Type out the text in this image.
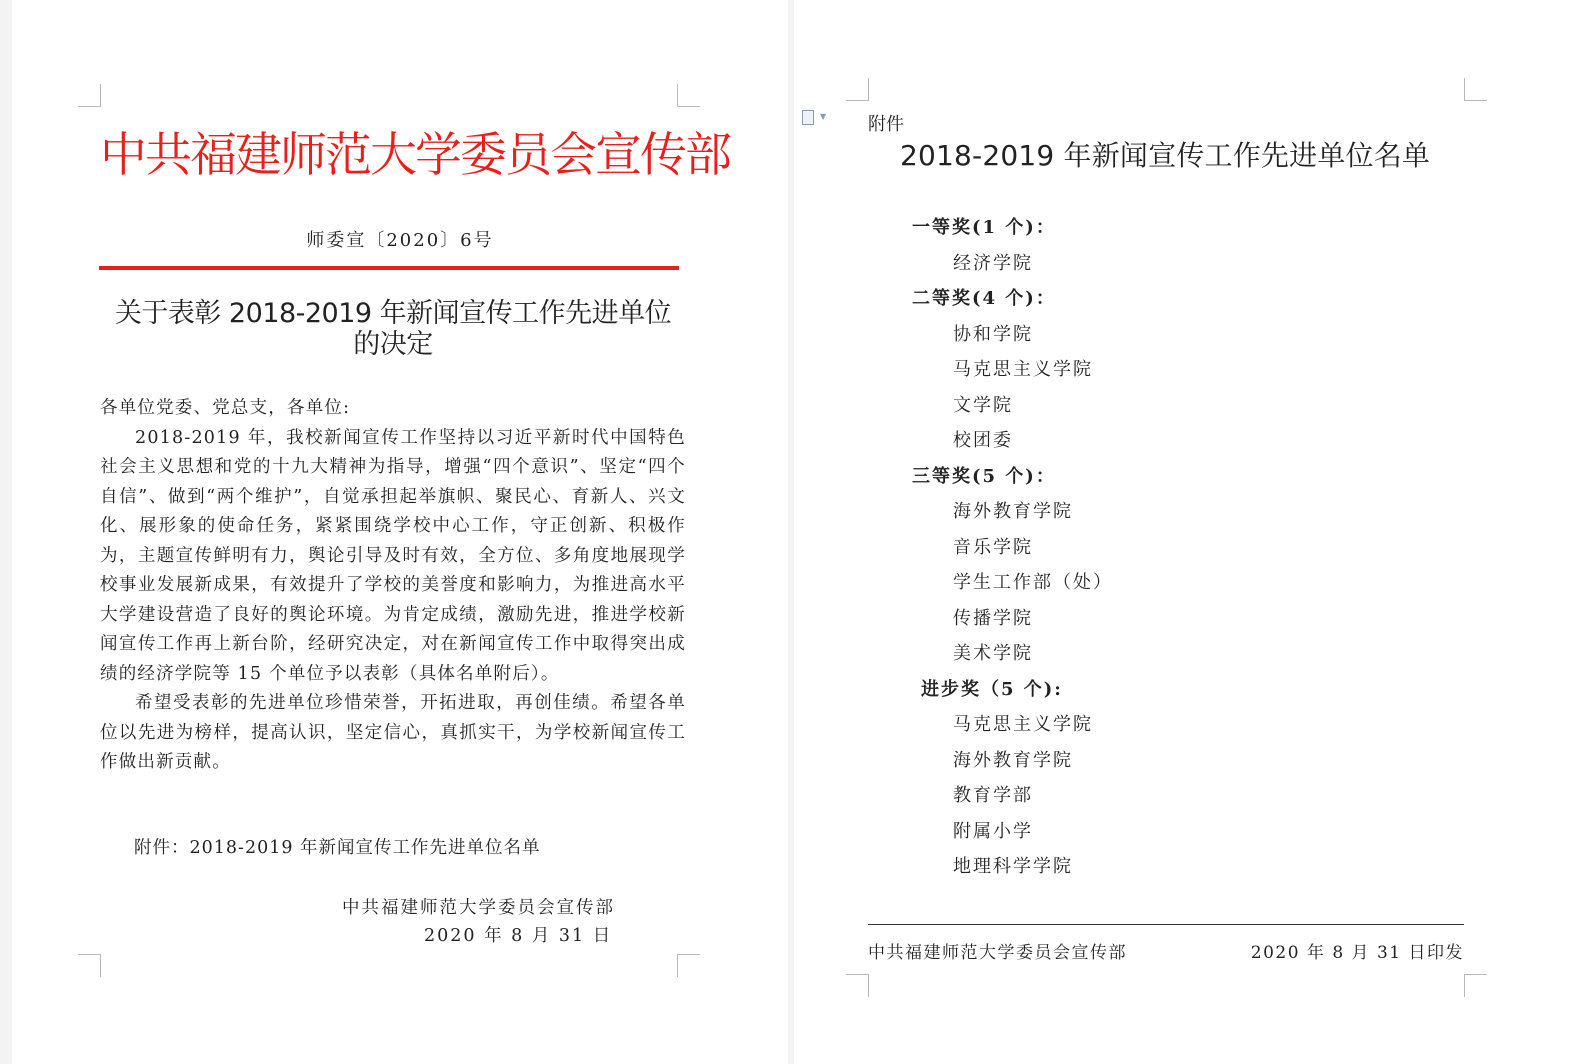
中共福建师范大学委员会宣传部
师委宣〔2020〕6号
关于表彰 2018-2019 年新闻宣传工作先进单位
的决定

各单位党委、党总支，各单位:

2018-2019 年，我校新闻宣传工作坚持以习近平新时代中国特色社会主义思想和党的十九大精神为指导，增强“四个意识”、坚定“四个自信”、做到“两个维护”，自觉承担起举旗帜、聚民心、育新人、兴文化、展形象的使命任务，紧紧围绕学校中心工作，守正创新、积极作为，主题宣传鲜明有力，舆论引导及时有效，全方位、多角度地展现学校事业发展新成果，有效提升了学校的美誉度和影响力，为推进高水平大学建设营造了良好的舆论环境。为肯定成绩，激励先进，推进学校新闻宣传工作再上新台阶，经研究决定，对在新闻宣传工作中取得突出成绩的经济学院等 15 个单位予以表彰（具体名单附后）。

希望受表彰的先进单位珍惜荣誉，开拓进取，再创佳绩。希望各单位以先进为榜样，提高认识，坚定信心，真抓实干，为学校新闻宣传工作做出新贡献。

附件：2018-2019 年新闻宣传工作先进单位名单
中共福建师范大学委员会宣传部
2020 年 8 月 31 日
▼ 附件
2018-2019 年新闻宣传工作先进单位名单
一等奖(1 个)：
经济学院
二等奖(4 个)：
协和学院
马克思主义学院
文学院
校团委
三等奖(5 个)：
海外教育学院
音乐学院
学生工作部（处）
传播学院
美术学院
进步奖（5 个):
马克思主义学院
海外教育学院
教育学部
附属小学
地理科学学院
中共福建师范大学委员会宣传部	2020 年 8 月 31 日印发
